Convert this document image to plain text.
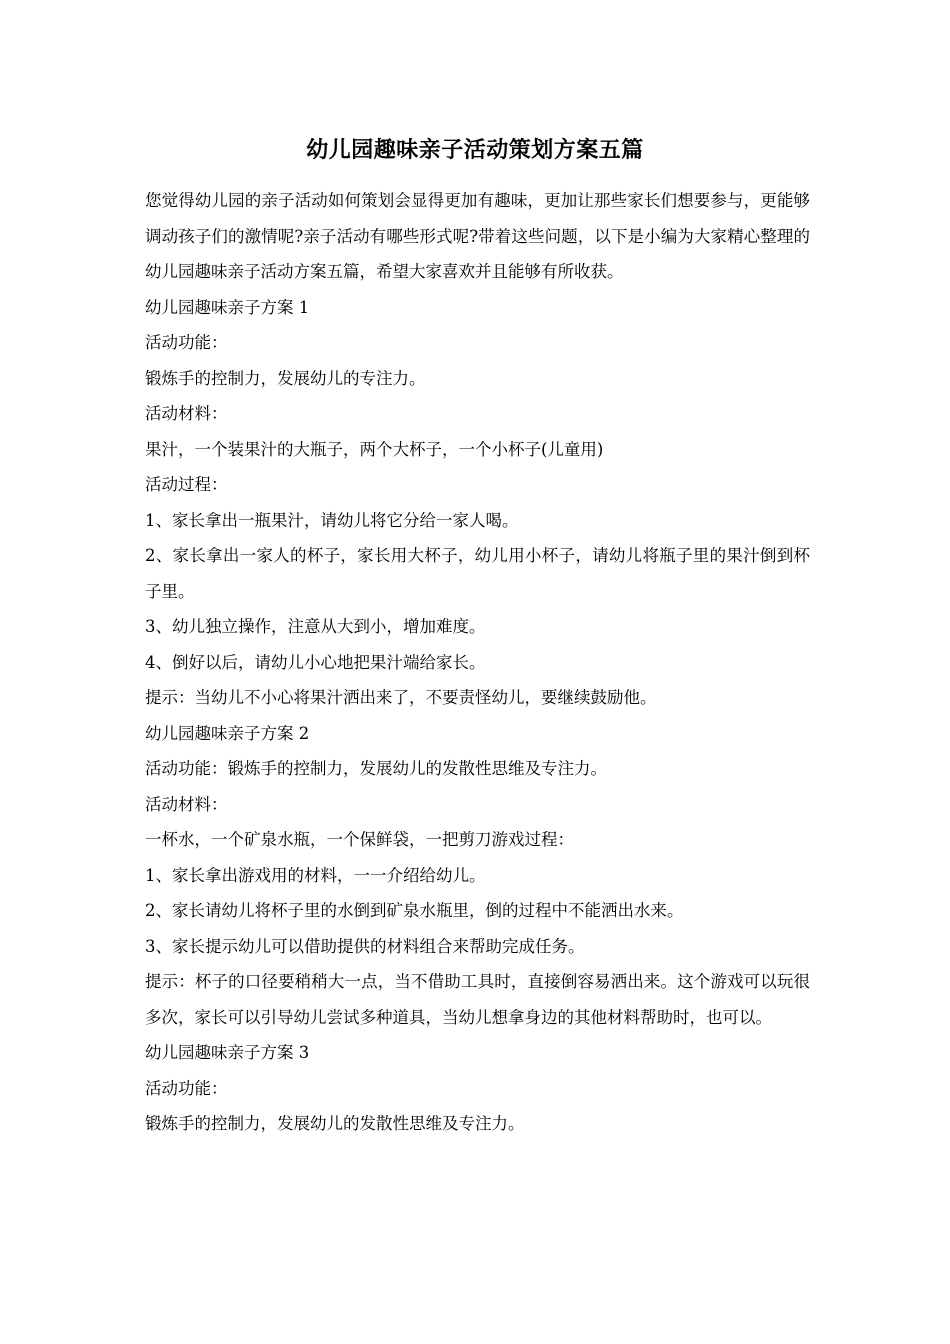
幼儿园趣味亲子活动策划方案五篇

您觉得幼儿园的亲子活动如何策划会显得更加有趣味，更加让那些家长们想要参与，更能够调动孩子们的激情呢?亲子活动有哪些形式呢?带着这些问题，以下是小编为大家精心整理的幼儿园趣味亲子活动方案五篇，希望大家喜欢并且能够有所收获。

幼儿园趣味亲子方案 1

活动功能：

锻炼手的控制力，发展幼儿的专注力。

活动材料：

果汁，一个装果汁的大瓶子，两个大杯子，一个小杯子(儿童用)

活动过程：

1、家长拿出一瓶果汁，请幼儿将它分给一家人喝。

2、家长拿出一家人的杯子，家长用大杯子，幼儿用小杯子，请幼儿将瓶子里的果汁倒到杯子里。

3、幼儿独立操作，注意从大到小，增加难度。

4、倒好以后，请幼儿小心地把果汁端给家长。

提示：当幼儿不小心将果汁洒出来了，不要责怪幼儿，要继续鼓励他。

幼儿园趣味亲子方案 2

活动功能：锻炼手的控制力，发展幼儿的发散性思维及专注力。

活动材料：

一杯水，一个矿泉水瓶，一个保鲜袋，一把剪刀游戏过程：

1、家长拿出游戏用的材料，一一介绍给幼儿。

2、家长请幼儿将杯子里的水倒到矿泉水瓶里，倒的过程中不能洒出水来。

3、家长提示幼儿可以借助提供的材料组合来帮助完成任务。

提示：杯子的口径要稍稍大一点，当不借助工具时，直接倒容易洒出来。这个游戏可以玩很多次，家长可以引导幼儿尝试多种道具，当幼儿想拿身边的其他材料帮助时，也可以。

幼儿园趣味亲子方案 3

活动功能：

锻炼手的控制力，发展幼儿的发散性思维及专注力。
